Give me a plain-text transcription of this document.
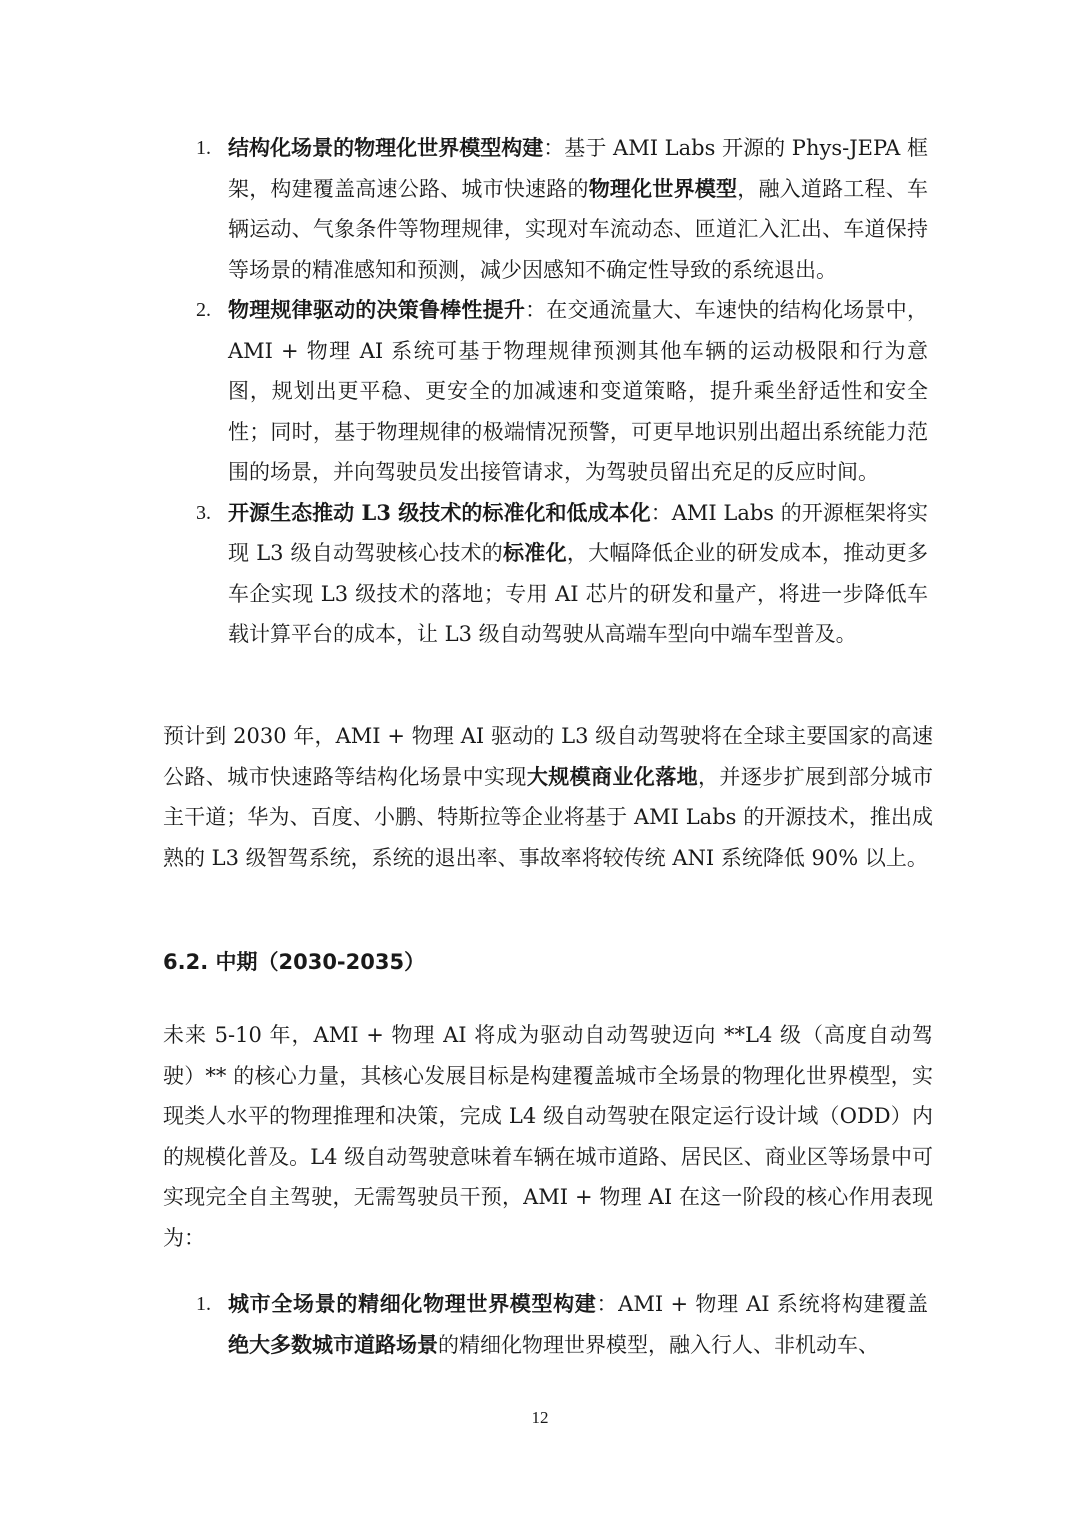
1. 结构化场景的物理化世界模型构建：基于 AMI Labs 开源的 Phys-JEPA 框架，构建覆盖高速公路、城市快速路的物理化世界模型，融入道路工程、车辆运动、气象条件等物理规律，实现对车流动态、匝道汇入汇出、车道保持等场景的精准感知和预测，减少因感知不确定性导致的系统退出。
2. 物理规律驱动的决策鲁棒性提升：在交通流量大、车速快的结构化场景中，AMI + 物理 AI 系统可基于物理规律预测其他车辆的运动极限和行为意图，规划出更平稳、更安全的加减速和变道策略，提升乘坐舒适性和安全性；同时，基于物理规律的极端情况预警，可更早地识别出超出系统能力范围的场景，并向驾驶员发出接管请求，为驾驶员留出充足的反应时间。
3. 开源生态推动 L3 级技术的标准化和低成本化：AMI Labs 的开源框架将实现 L3 级自动驾驶核心技术的标准化，大幅降低企业的研发成本，推动更多车企实现 L3 级技术的落地；专用 AI 芯片的研发和量产，将进一步降低车载计算平台的成本，让 L3 级自动驾驶从高端车型向中端车型普及。

预计到 2030 年，AMI + 物理 AI 驱动的 L3 级自动驾驶将在全球主要国家的高速公路、城市快速路等结构化场景中实现大规模商业化落地，并逐步扩展到部分城市主干道；华为、百度、小鹏、特斯拉等企业将基于 AMI Labs 的开源技术，推出成熟的 L3 级智驾系统，系统的退出率、事故率将较传统 ANI 系统降低 90% 以上。

6.2. 中期（2030-2035）

未来 5-10 年，AMI + 物理 AI 将成为驱动自动驾驶迈向 **L4 级（高度自动驾驶）** 的核心力量，其核心发展目标是构建覆盖城市全场景的物理化世界模型，实现类人水平的物理推理和决策，完成 L4 级自动驾驶在限定运行设计域（ODD）内的规模化普及。L4 级自动驾驶意味着车辆在城市道路、居民区、商业区等场景中可实现完全自主驾驶，无需驾驶员干预，AMI + 物理 AI 在这一阶段的核心作用表现为：

1. 城市全场景的精细化物理世界模型构建：AMI + 物理 AI 系统将构建覆盖绝大多数城市道路场景的精细化物理世界模型，融入行人、非机动车、
12
